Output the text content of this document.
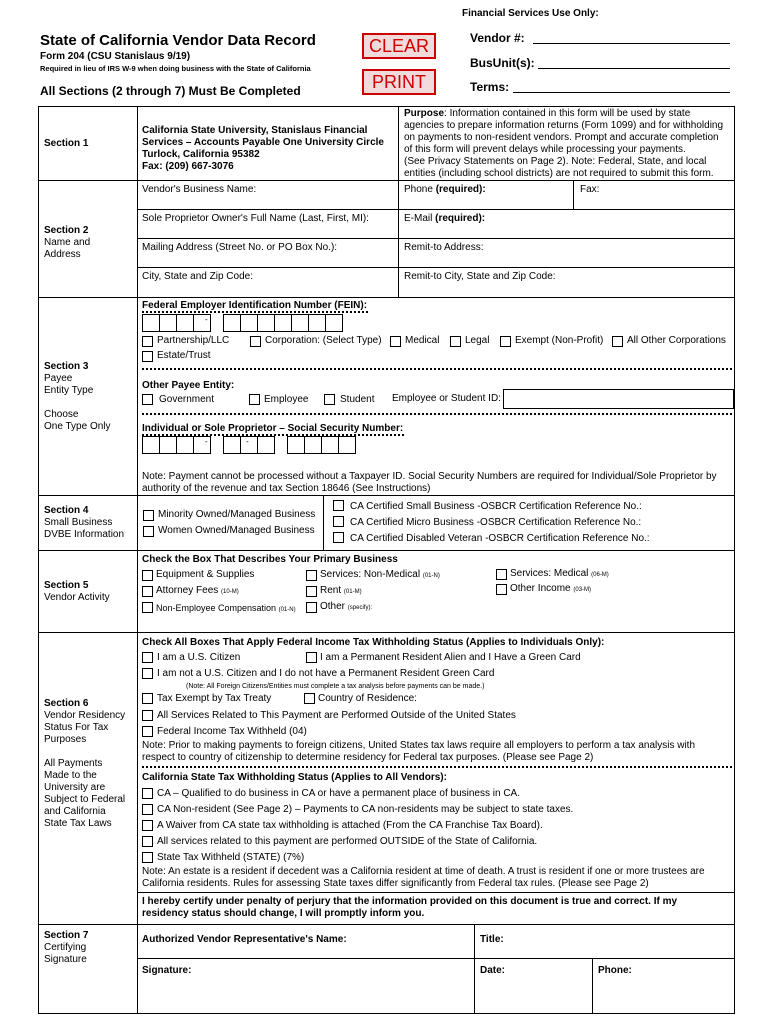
Financial Services Use Only:
State of California Vendor Data Record
Form 204 (CSU Stanislaus 9/19)
Required in lieu of IRS W-9 when doing business with the State of California
All Sections (2 through 7) Must Be Completed
CLEAR
PRINT
Vendor #:
BusUnit(s):
Terms:
Section 1
California State University, Stanislaus Financial
Services – Accounts Payable One University Circle
Turlock, California 95382
Fax: (209) 667-3076
Purpose: Information contained in this form will be used by state
agencies to prepare information returns (Form 1099) and for withholding
on payments to non-resident vendors. Prompt and accurate completion
of this form will prevent delays while processing your payments.
(See Privacy Statements on Page 2). Note: Federal, State, and local
entities (including school districts) are not required to submit this form.
Section 2
Name and
Address
Vendor's Business Name:	Phone (required):	Fax:
Sole Proprietor Owner's Full Name (Last, First, MI):	E-Mail (required):
Mailing Address (Street No. or PO Box No.):	Remit-to Address:
City, State and Zip Code:	Remit-to City, State and Zip Code:
Section 3
Payee
Entity Type
Choose
One Type Only
Federal Employer Identification Number (FEIN):
-
Partnership/LLC	Corporation: (Select Type) Medical	Legal	Exempt (Non-Profit) All Other Corporations
Estate/Trust
Other Payee Entity:
Government	Employee	Student Employee or Student ID:
Individual or Sole Proprietor – Social Security Number:
-	-
Note: Payment cannot be processed without a Taxpayer ID. Social Security Numbers are required for Individual/Sole Proprietor by
authority of the revenue and tax Section 18646 (See Instructions)
Section 4
Small Business
DVBE Information
Minority Owned/Managed Business
Women Owned/Managed Business
CA Certified Small Business -OSBCR Certification Reference No.:
CA Certified Micro Business -OSBCR Certification Reference No.:
CA Certified Disabled Veteran -OSBCR Certification Reference No.:
Section 5
Vendor Activity
Check the Box That Describes Your Primary Business
Equipment & Supplies	Services: Non-Medical (01-N)	Services: Medical (06-M)
Attorney Fees (10-M)	Rent (01-M)	Other Income (03-M)
Non-Employee Compensation (01-N) Other (specify):
Section 6
Vendor Residency
Status For Tax
Purposes
All Payments
Made to the
University are
Subject to Federal
and California
State Tax Laws
Check All Boxes That Apply Federal Income Tax Withholding Status (Applies to Individuals Only):
I am a U.S. Citizen	I am a Permanent Resident Alien and I Have a Green Card
I am not a U.S. Citizen and I do not have a Permanent Resident Green Card
(Note: All Foreign Citizens/Entities must complete a tax analysis before payments can be made.)
Tax Exempt by Tax Treaty	Country of Residence:
All Services Related to This Payment are Performed Outside of the United States
Federal Income Tax Withheld (04)
Note: Prior to making payments to foreign citizens, United States tax laws require all employers to perform a tax analysis with
respect to country of citizenship to determine residency for Federal tax purposes. (Please see Page 2)
California State Tax Withholding Status (Applies to All Vendors):
CA – Qualified to do business in CA or have a permanent place of business in CA.
CA Non-resident (See Page 2) – Payments to CA non-residents may be subject to state taxes.
A Waiver from CA state tax withholding is attached (From the CA Franchise Tax Board).
All services related to this payment are performed OUTSIDE of the State of California.
State Tax Withheld (STATE) (7%)
Note: An estate is a resident if decedent was a California resident at time of death. A trust is resident if one or more trustees are
California residents. Rules for assessing State taxes differ significantly from Federal tax rules. (Please see Page 2)
I hereby certify under penalty of perjury that the information provided on this document is true and correct. If my
residency status should change, I will promptly inform you.
Section 7
Certifying
Signature
Authorized Vendor Representative's Name:	Title:
Signature:	Date:	Phone:
